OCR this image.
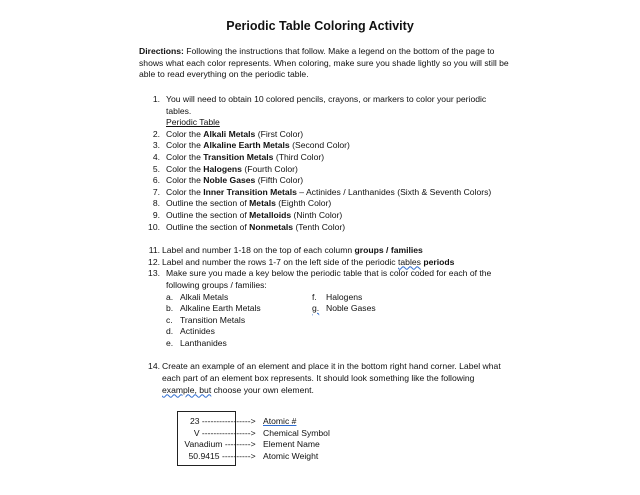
Periodic Table Coloring Activity
Directions: Following the instructions that follow. Make a legend on the bottom of the page to shows what each color represents. When coloring, make sure you shade lightly so you will still be able to read everything on the periodic table.
1. You will need to obtain 10 colored pencils, crayons, or markers to color your periodic tables.
Periodic Table
2. Color the Alkali Metals (First Color)
3. Color the Alkaline Earth Metals (Second Color)
4. Color the Transition Metals (Third Color)
5. Color the Halogens (Fourth Color)
6. Color the Noble Gases (Fifth Color)
7. Color the Inner Transition Metals – Actinides / Lanthanides (Sixth & Seventh Colors)
8. Outline the section of Metals (Eighth Color)
9. Outline the section of Metalloids (Ninth Color)
10. Outline the section of Nonmetals (Tenth Color)
11. Label and number 1-18 on the top of each column groups / families
12. Label and number the rows 1-7 on the left side of the periodic tables periods
13. Make sure you made a key below the periodic table that is color coded for each of the following groups / families:
a. Alkali Metals
b. Alkaline Earth Metals
c. Transition Metals
d. Actinides
e. Lanthanides
f.	Halogens
g. Noble Gases
14. Create an example of an element and place it in the bottom right hand corner. Label what each part of an element box represents. It should look something like the following example, but choose your own element.
23 -----------------> Atomic #
V -----------------> Chemical Symbol
Vanadium ---------> Element Name
50.9415 ----------> Atomic Weight
